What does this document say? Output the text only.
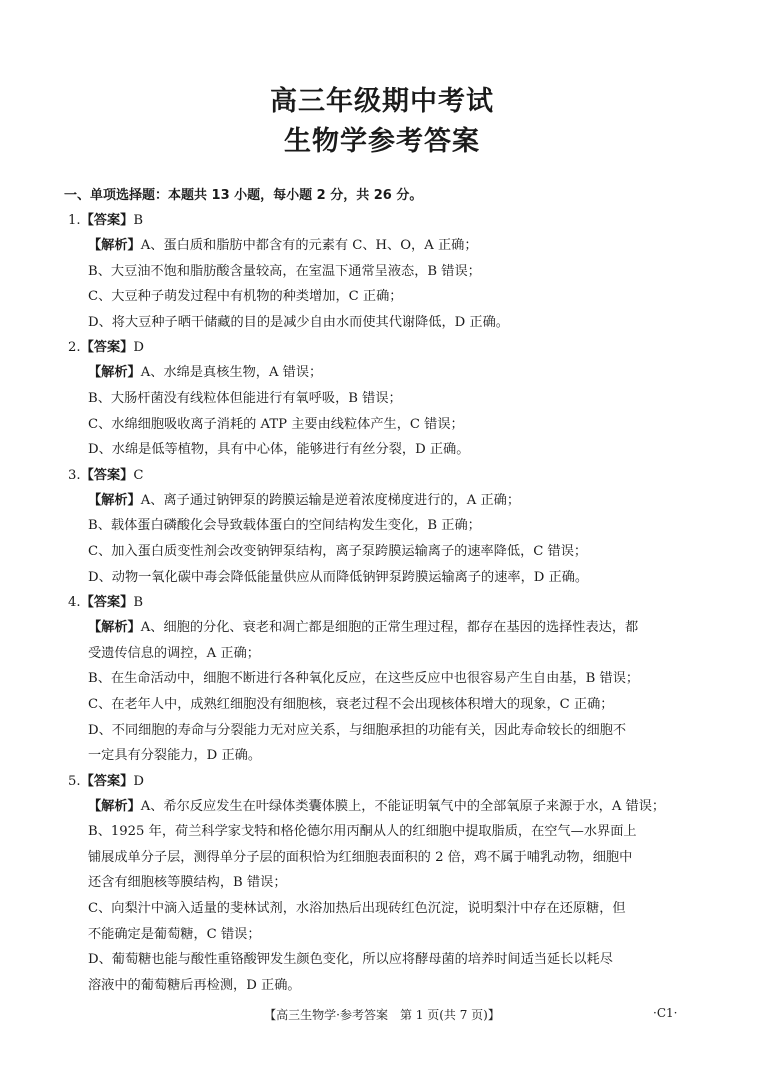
高三年级期中考试
生物学参考答案
一、单项选择题：本题共 13 小题，每小题 2 分，共 26 分。
1.【答案】B
【解析】A、蛋白质和脂肪中都含有的元素有 C、H、O，A 正确；
B、大豆油不饱和脂肪酸含量较高，在室温下通常呈液态，B 错误；
C、大豆种子萌发过程中有机物的种类增加，C 正确；
D、将大豆种子晒干储藏的目的是减少自由水而使其代谢降低，D 正确。
2.【答案】D
【解析】A、水绵是真核生物，A 错误；
B、大肠杆菌没有线粒体但能进行有氧呼吸，B 错误；
C、水绵细胞吸收离子消耗的 ATP 主要由线粒体产生，C 错误；
D、水绵是低等植物，具有中心体，能够进行有丝分裂，D 正确。
3.【答案】C
【解析】A、离子通过钠钾泵的跨膜运输是逆着浓度梯度进行的，A 正确；
B、载体蛋白磷酸化会导致载体蛋白的空间结构发生变化，B 正确；
C、加入蛋白质变性剂会改变钠钾泵结构，离子泵跨膜运输离子的速率降低，C 错误；
D、动物一氧化碳中毒会降低能量供应从而降低钠钾泵跨膜运输离子的速率，D 正确。
4.【答案】B
【解析】A、细胞的分化、衰老和凋亡都是细胞的正常生理过程，都存在基因的选择性表达，都
受遗传信息的调控，A 正确；
B、在生命活动中，细胞不断进行各种氧化反应，在这些反应中也很容易产生自由基，B 错误；
C、在老年人中，成熟红细胞没有细胞核，衰老过程不会出现核体积增大的现象，C 正确；
D、不同细胞的寿命与分裂能力无对应关系，与细胞承担的功能有关，因此寿命较长的细胞不
一定具有分裂能力，D 正确。
5.【答案】D
【解析】A、希尔反应发生在叶绿体类囊体膜上，不能证明氧气中的全部氧原子来源于水，A 错误；
B、1925 年，荷兰科学家戈特和格伦德尔用丙酮从人的红细胞中提取脂质，在空气—水界面上
铺展成单分子层，测得单分子层的面积恰为红细胞表面积的 2 倍，鸡不属于哺乳动物，细胞中
还含有细胞核等膜结构，B 错误；
C、向梨汁中滴入适量的斐林试剂，水浴加热后出现砖红色沉淀，说明梨汁中存在还原糖，但
不能确定是葡萄糖，C 错误；
D、葡萄糖也能与酸性重铬酸钾发生颜色变化，所以应将酵母菌的培养时间适当延长以耗尽
溶液中的葡萄糖后再检测，D 正确。
【高三生物学·参考答案　第 1 页(共 7 页)】	·C1·
